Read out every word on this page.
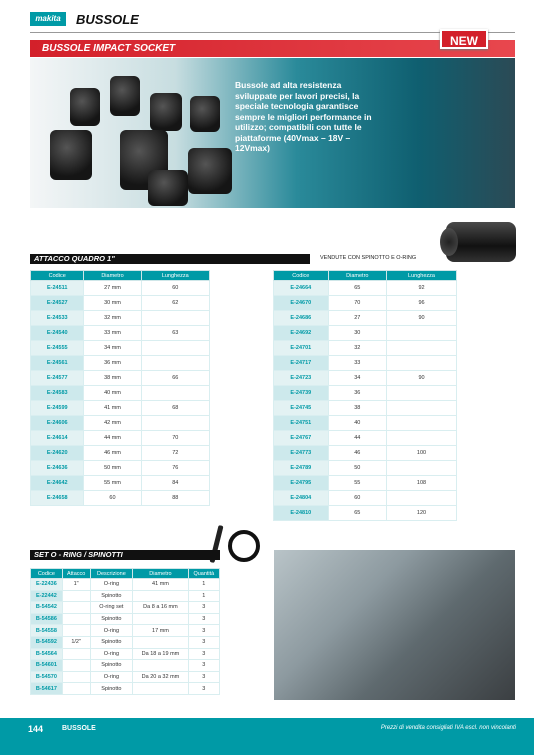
makita	BUSSOLE
BUSSOLE IMPACT SOCKET
NEW
Bussole ad alta resistenza sviluppate per lavori precisi, la speciale tecnologia garantisce sempre le migliori performance in utilizzo; compatibili con tutte le piattaforme (40Vmax – 18V – 12Vmax)
ATTACCO QUADRO 1"	VENDUTE CON SPINOTTO E O-RING
Codice	Diametro	Lunghezza
E-24511	27 mm	60
E-24527	30 mm	62
E-24533	32 mm	
E-24540	33 mm	63
E-24555	34 mm	
E-24561	36 mm	
E-24577	38 mm	66
E-24583	40 mm	
E-24599	41 mm	68
E-24606	42 mm	
E-24614	44 mm	70
E-24620	46 mm	72
E-24636	50 mm	76
E-24642	55 mm	84
E-24658	60	88
Codice	Diametro	Lunghezza
E-24664	65	92
E-24670	70	96
E-24686	27	90
E-24692	30	
E-24701	32	
E-24717	33	
E-24723	34	90
E-24739	36	
E-24745	38	
E-24751	40	
E-24767	44	
E-24773	46	100
E-24789	50	
E-24795	55	108
E-24804	60	
E-24810	65	120
SET O - RING / SPINOTTI
Codice	Attacco	Descrizione	Diametro	Quantità
E-22436	1"	O-ring	41 mm	1
E-22442		Spinotto		1
B-54542		O-ring set	Da 8 a 16 mm	3
B-54586		Spinotto		3
B-54558		O-ring	17 mm	3
B-54592	1/2"	Spinotto		3
B-54564		O-ring	Da 18 a 19 mm	3
B-54601		Spinotto		3
B-54570		O-ring	Da 20 a 32 mm	3
B-54617		Spinotto		3
144	BUSSOLE	Prezzi di vendita consigliati IVA escl. non vincolanti
